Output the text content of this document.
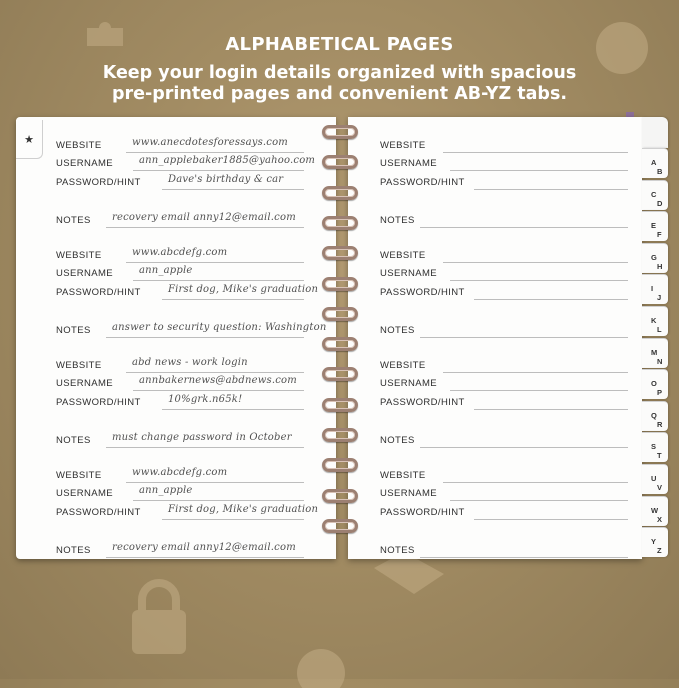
ALPHABETICAL PAGES
Keep your login details organized with spacious
pre-printed pages and convenient AB-YZ tabs.
WEBSITE	www.anecdotesforessays.com
USERNAME	ann_applebaker1885@yahoo.com
PASSWORD/HINT	Dave's birthday & car
NOTES recovery email anny12@email.com
WEBSITE	www.abcdefg.com
USERNAME	ann_apple
PASSWORD/HINT	First dog, Mike's graduation
NOTES answer to security question: Washington
WEBSITE	abd news - work login
USERNAME	annbakernews@abdnews.com
PASSWORD/HINT	10%grk.n65k!
NOTES must change password in October
WEBSITE	www.abcdefg.com
USERNAME	ann_apple
PASSWORD/HINT	First dog, Mike's graduation
NOTES recovery email anny12@email.com
★	WEBSITE
USERNAME
PASSWORD/HINT
NOTES
WEBSITE
USERNAME
PASSWORD/HINT
NOTES
WEBSITE
USERNAME
PASSWORD/HINT
NOTES
WEBSITE
USERNAME
PASSWORD/HINT
NOTES
A
B
C
D
E
F
G
H
I
J
K
L
M
N
O
P
Q
R
S
T
U
V
W
X
Y
Z
